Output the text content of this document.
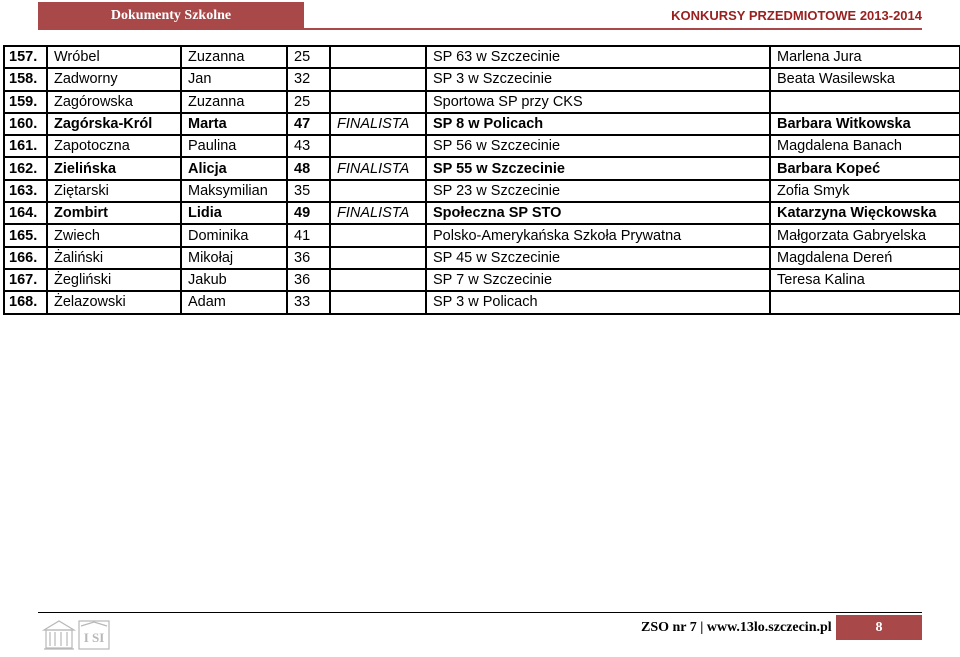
Dokumenty Szkolne	KONKURSY PRZEDMIOTOWE 2013-2014
157.	Wróbel	Zuzanna	25		SP 63 w Szczecinie	Marlena Jura
158.	Zadworny	Jan	32		SP 3 w Szczecinie	Beata Wasilewska
159.	Zagórowska	Zuzanna	25		Sportowa SP przy CKS	
160.	Zagórska-Król	Marta	47	FINALISTA	SP 8 w Policach	Barbara Witkowska
161.	Zapotoczna	Paulina	43		SP 56 w Szczecinie	Magdalena Banach
162.	Zielińska	Alicja	48	FINALISTA	SP 55 w Szczecinie	Barbara Kopeć
163.	Ziętarski	Maksymilian	35		SP 23 w Szczecinie	Zofia Smyk
164.	Zombirt	Lidia	49	FINALISTA	Społeczna SP STO	Katarzyna Więckowska
165.	Zwiech	Dominika	41		Polsko-Amerykańska Szkoła Prywatna	Małgorzata Gabryelska
166.	Żaliński	Mikołaj	36		SP 45 w Szczecinie	Magdalena Dereń
167.	Żegliński	Jakub	36		SP 7 w Szczecinie	Teresa Kalina
168.	Żelazowski	Adam	33		SP 3 w Policach	
I SI
ZSO nr 7 | www.13lo.szczecin.pl	8
